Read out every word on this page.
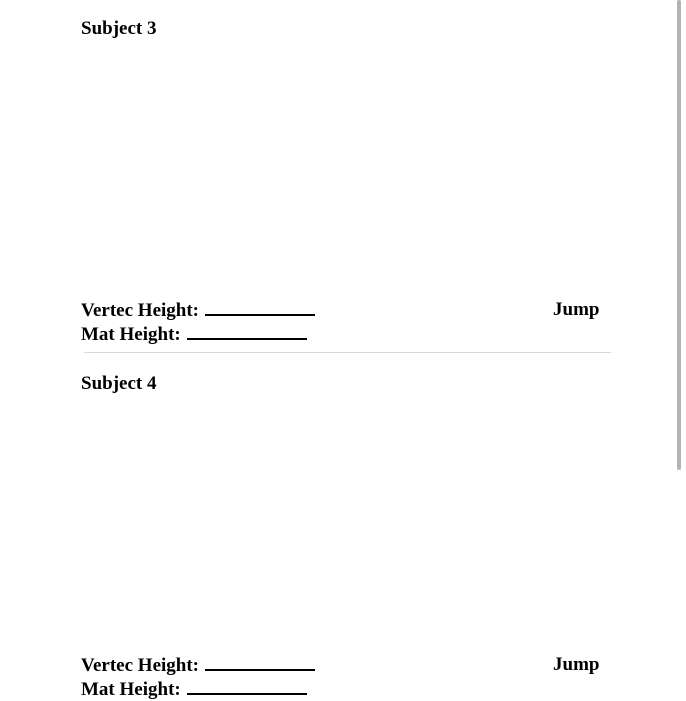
Subject 3
Vertec Height:	Jump
Mat Height:
Subject 4
Vertec Height:	Jump
Mat Height:
